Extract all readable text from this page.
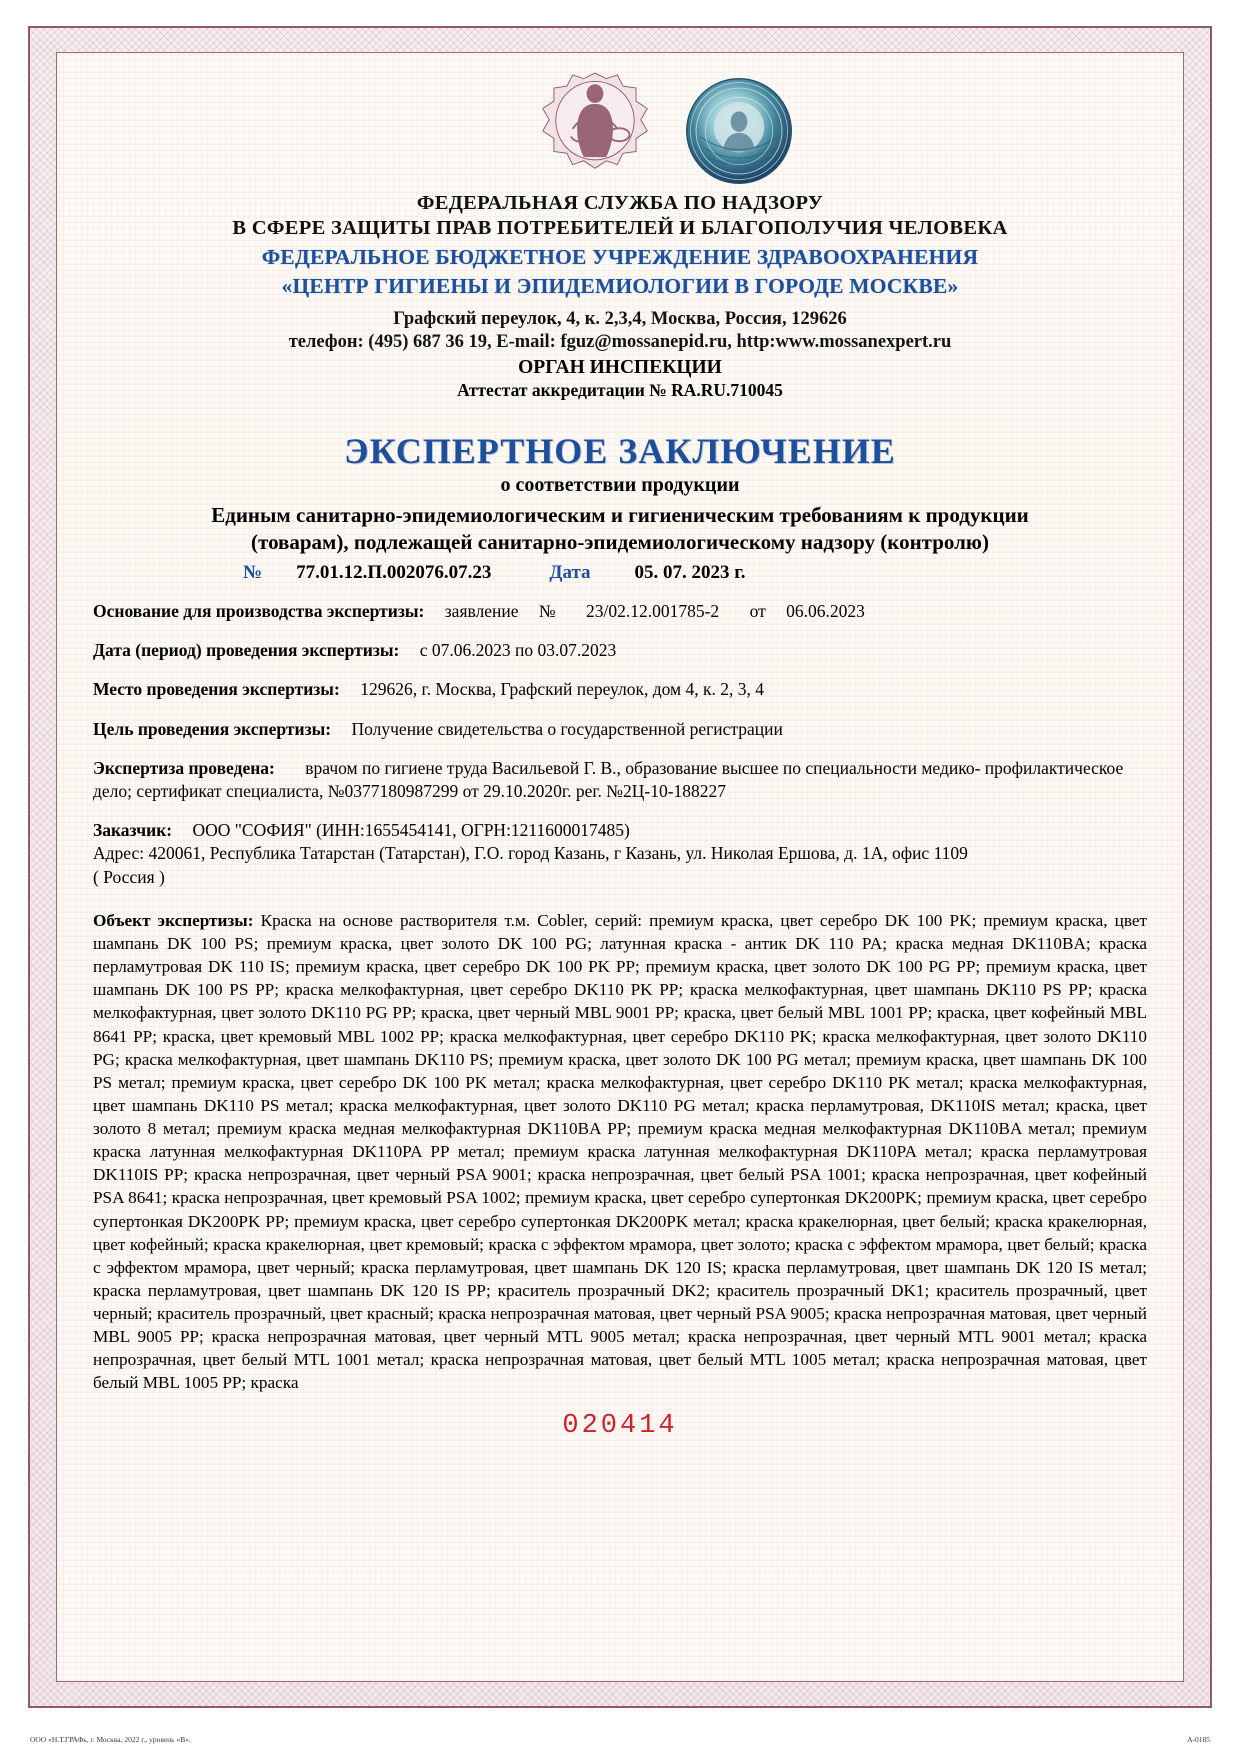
ФЕДЕРАЛЬНАЯ СЛУЖБА ПО НАДЗОРУ
В СФЕРЕ ЗАЩИТЫ ПРАВ ПОТРЕБИТЕЛЕЙ И БЛАГОПОЛУЧИЯ ЧЕЛОВЕКА
ФЕДЕРАЛЬНОЕ БЮДЖЕТНОЕ УЧРЕЖДЕНИЕ ЗДРАВООХРАНЕНИЯ
«ЦЕНТР ГИГИЕНЫ И ЭПИДЕМИОЛОГИИ В ГОРОДЕ МОСКВЕ»
Графский переулок, 4, к. 2,3,4, Москва, Россия, 129626
телефон: (495) 687 36 19, E-mail: fguz@mossanepid.ru, http:www.mossanexpert.ru
ОРГАН ИНСПЕКЦИИ
Аттестат аккредитации № RA.RU.710045
ЭКСПЕРТНОЕ ЗАКЛЮЧЕНИЕ
о соответствии продукции
Единым санитарно-эпидемиологическим и гигиеническим требованиям к продукции
(товарам), подлежащей санитарно-эпидемиологическому надзору (контролю)
№ 77.01.12.П.002076.07.23	Дата 05. 07. 2023 г.
Основание для производства экспертизы: заявление № 23/02.12.001785-2 от 06.06.2023
Дата (период) проведения экспертизы: с 07.06.2023 по 03.07.2023
Место проведения экспертизы: 129626, г. Москва, Графский переулок, дом 4, к. 2, 3, 4
Цель проведения экспертизы: Получение свидетельства о государственной регистрации
Экспертиза проведена: врачом по гигиене труда Васильевой Г. В., образование высшее по специальности медико- профилактическое дело; сертификат специалиста, №0377180987299 от 29.10.2020г. рег. №2Ц-10-188227
Заказчик: ООО "СОФИЯ" (ИНН:1655454141, ОГРН:1211600017485)
Адрес: 420061, Республика Татарстан (Татарстан), Г.О. город Казань, г Казань, ул. Николая Ершова, д. 1А, офис 1109
( Россия )
Объект экспертизы: Краска на основе растворителя т.м. Cobler, серий: премиум краска, цвет серебро DK 100 PK; премиум краска, цвет шампань DK 100 PS; премиум краска, цвет золото DK 100 PG; латунная краска - антик DK 110 PA; краска медная DK110BA; краска перламутровая DK 110 IS; премиум краска, цвет серебро DK 100 PK PP; премиум краска, цвет золото DK 100 PG PP; премиум краска, цвет шампань DK 100 PS PP; краска мелкофактурная, цвет серебро DK110 PK PP; краска мелкофактурная, цвет шампань DK110 PS PP; краска мелкофактурная, цвет золото DK110 PG PP; краска, цвет черный MBL 9001 PP; краска, цвет белый MBL 1001 PP; краска, цвет кофейный MBL 8641 PP; краска, цвет кремовый MBL 1002 PP; краска мелкофактурная, цвет серебро DK110 PK; краска мелкофактурная, цвет золото DK110 PG; краска мелкофактурная, цвет шампань DK110 PS; премиум краска, цвет золото DK 100 PG метал; премиум краска, цвет шампань DK 100 PS метал; премиум краска, цвет серебро DK 100 PK метал; краска мелкофактурная, цвет серебро DK110 PK метал; краска мелкофактурная, цвет шампань DK110 PS метал; краска мелкофактурная, цвет золото DK110 PG метал; краска перламутровая, DK110IS метал; краска, цвет золото 8 метал; премиум краска медная мелкофактурная DK110BA PP; премиум краска медная мелкофактурная DK110BA метал; премиум краска латунная мелкофактурная DK110PA PP метал; премиум краска латунная мелкофактурная DK110PA метал; краска перламутровая DK110IS PP; краска непрозрачная, цвет черный PSA 9001; краска непрозрачная, цвет белый PSA 1001; краска непрозрачная, цвет кофейный PSA 8641; краска непрозрачная, цвет кремовый PSA 1002; премиум краска, цвет серебро супертонкая DK200PK; премиум краска, цвет серебро супертонкая DK200PK PP; премиум краска, цвет серебро супертонкая DK200PK метал; краска кракелюрная, цвет белый; краска кракелюрная, цвет кофейный; краска кракелюрная, цвет кремовый; краска с эффектом мрамора, цвет золото; краска с эффектом мрамора, цвет белый; краска с эффектом мрамора, цвет черный; краска перламутровая, цвет шампань DK 120 IS; краска перламутровая, цвет шампань DK 120 IS метал; краска перламутровая, цвет шампань DK 120 IS PP; краситель прозрачный DK2; краситель прозрачный DK1; краситель прозрачный, цвет черный; краситель прозрачный, цвет красный; краска непрозрачная матовая, цвет черный PSA 9005; краска непрозрачная матовая, цвет черный MBL 9005 PP; краска непрозрачная матовая, цвет черный MTL 9005 метал; краска непрозрачная, цвет черный MTL 9001 метал; краска непрозрачная, цвет белый MTL 1001 метал; краска непрозрачная матовая, цвет белый MTL 1005 метал; краска непрозрачная матовая, цвет белый MBL 1005 PP; краска
020414
ООО «Н.Т.ГРАФь, г. Москва, 2022 г., уровень «В».	А-0185
